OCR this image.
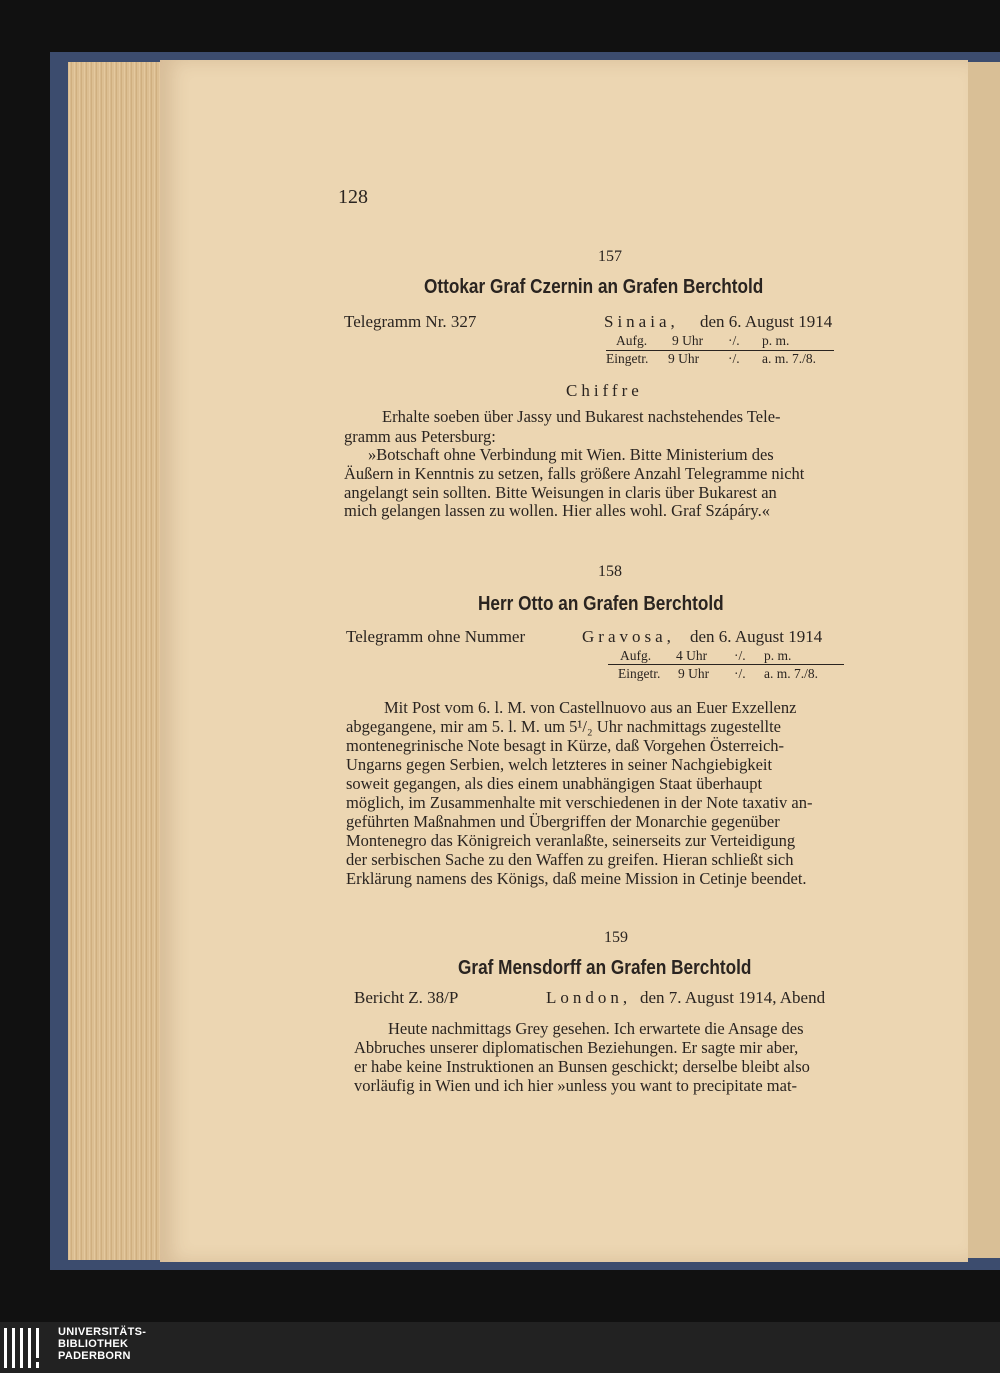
128
157
Ottokar Graf Czernin an Grafen Berchtold
Telegramm Nr. 327	Sinaia, den 6. August 1914
Aufg. 9 Uhr ·/. p. m.
Eingetr. 9 Uhr ·/. a. m. 7./8.
Chiffre
Erhalte soeben über Jassy und Bukarest nachstehendes Tele-
gramm aus Petersburg:
»Botschaft ohne Verbindung mit Wien. Bitte Ministerium des
Äußern in Kenntnis zu setzen, falls größere Anzahl Telegramme nicht
angelangt sein sollten. Bitte Weisungen in claris über Bukarest an
mich gelangen lassen zu wollen. Hier alles wohl. Graf Szápáry.«
158
Herr Otto an Grafen Berchtold
Telegramm ohne Nummer	Gravosa, den 6. August 1914
Aufg. 4 Uhr ·/. p. m.
Eingetr. 9 Uhr ·/. a. m. 7./8.
Mit Post vom 6. l. M. von Castellnuovo aus an Euer Exzellenz
abgegangene, mir am 5. l. M. um 5¹/₂ Uhr nachmittags zugestellte
montenegrinische Note besagt in Kürze, daß Vorgehen Österreich-
Ungarns gegen Serbien, welch letzteres in seiner Nachgiebigkeit
soweit gegangen, als dies einem unabhängigen Staat überhaupt
möglich, im Zusammenhalte mit verschiedenen in der Note taxativ an-
geführten Maßnahmen und Übergriffen der Monarchie gegenüber
Montenegro das Königreich veranlaßte, seinerseits zur Verteidigung
der serbischen Sache zu den Waffen zu greifen. Hieran schließt sich
Erklärung namens des Königs, daß meine Mission in Cetinje beendet.
159
Graf Mensdorff an Grafen Berchtold
Bericht Z. 38/P	London, den 7. August 1914, Abend
Heute nachmittags Grey gesehen. Ich erwartete die Ansage des
Abbruches unserer diplomatischen Beziehungen. Er sagte mir aber,
er habe keine Instruktionen an Bunsen geschickt; derselbe bleibt also
vorläufig in Wien und ich hier »unless you want to precipitate mat-
UNIVERSITÄTS-
BIBLIOTHEK
PADERBORN
